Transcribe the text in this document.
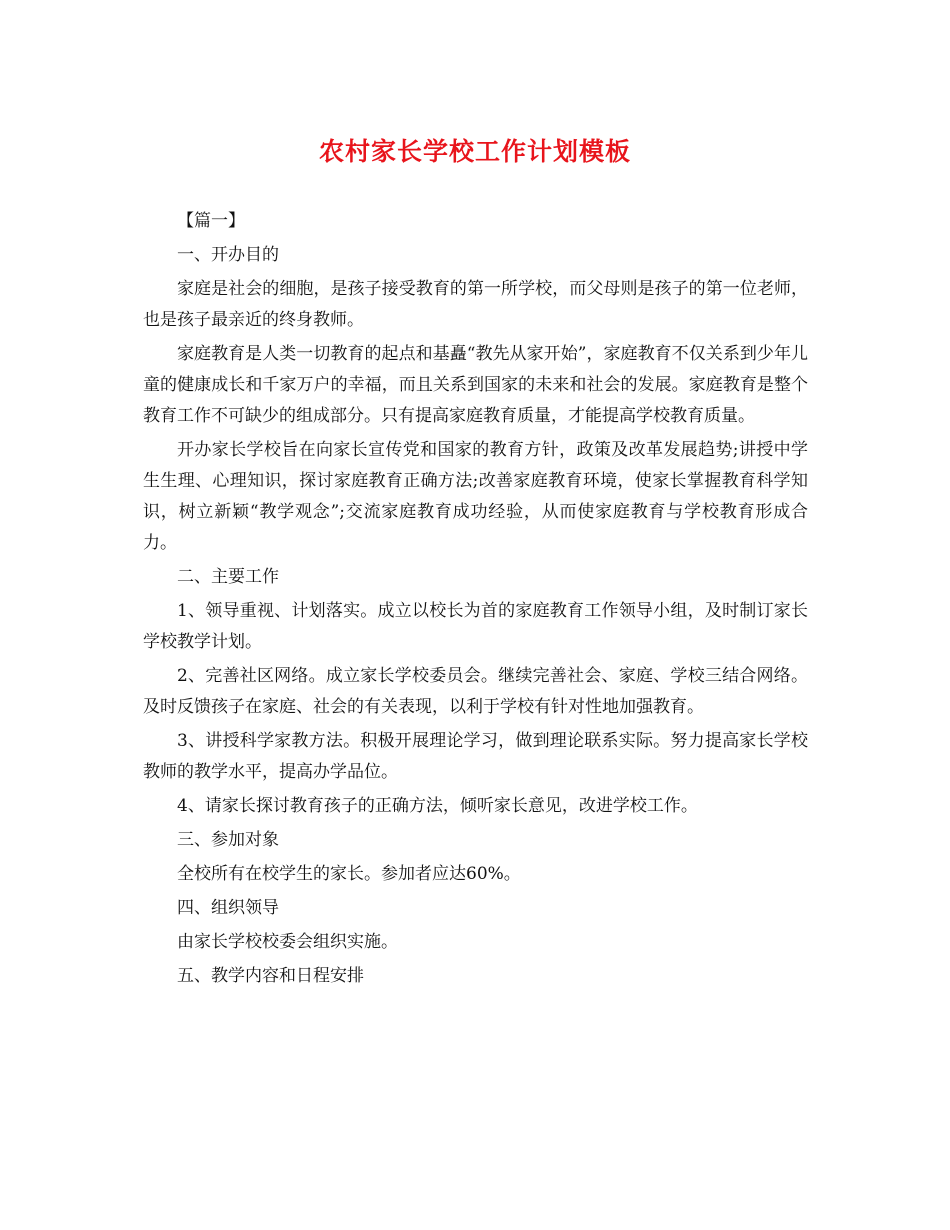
农村家长学校工作计划模板

【篇一】

一、开办目的

家庭是社会的细胞，是孩子接受教育的第一所学校，而父母则是孩子的第一位老师，也是孩子最亲近的终身教师。

家庭教育是人类一切教育的起点和基矗“教先从家开始”，家庭教育不仅关系到少年儿童的健康成长和千家万户的幸福，而且关系到国家的未来和社会的发展。家庭教育是整个教育工作不可缺少的组成部分。只有提高家庭教育质量，才能提高学校教育质量。

开办家长学校旨在向家长宣传党和国家的教育方针，政策及改革发展趋势;讲授中学生生理、心理知识，探讨家庭教育正确方法;改善家庭教育环境，使家长掌握教育科学知识，树立新颖“教学观念”;交流家庭教育成功经验，从而使家庭教育与学校教育形成合力。

二、主要工作

1、领导重视、计划落实。成立以校长为首的家庭教育工作领导小组，及时制订家长学校教学计划。

2、完善社区网络。成立家长学校委员会。继续完善社会、家庭、学校三结合网络。及时反馈孩子在家庭、社会的有关表现，以利于学校有针对性地加强教育。

3、讲授科学家教方法。积极开展理论学习，做到理论联系实际。努力提高家长学校教师的教学水平，提高办学品位。

4、请家长探讨教育孩子的正确方法，倾听家长意见，改进学校工作。

三、参加对象

全校所有在校学生的家长。参加者应达60%。

四、组织领导

由家长学校校委会组织实施。

五、教学内容和日程安排
